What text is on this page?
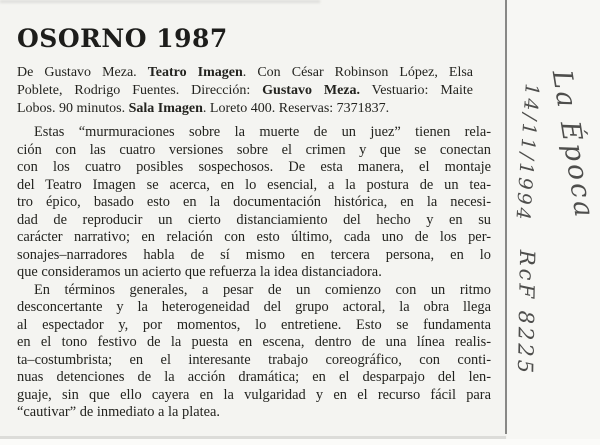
OSORNO 1987
De Gustavo Meza. Teatro Imagen. Con César Robinson López, Elsa
Poblete, Rodrigo Fuentes. Dirección: Gustavo Meza. Vestuario: Maite
Lobos. 90 minutos. Sala Imagen. Loreto 400. Reservas: 7371837.
Estas “murmuraciones sobre la muerte de un juez” tienen rela-
ción con las cuatro versiones sobre el crimen y que se conectan
con los cuatro posibles sospechosos. De esta manera, el montaje
del Teatro Imagen se acerca, en lo esencial, a la postura de un tea-
tro épico, basado esto en la documentación histórica, en la necesi-
dad de reproducir un cierto distanciamiento del hecho y en su
carácter narrativo; en relación con esto último, cada uno de los per-
sonajes–narradores habla de sí mismo en tercera persona, en lo
que consideramos un acierto que refuerza la idea distanciadora.
En términos generales, a pesar de un comienzo con un ritmo
desconcertante y la heterogeneidad del grupo actoral, la obra llega
al espectador y, por momentos, lo entretiene. Esto se fundamenta
en el tono festivo de la puesta en escena, dentro de una línea realis-
ta–costumbrista; en el interesante trabajo coreográfico, con conti-
nuas detenciones de la acción dramática; en el desparpajo del len-
guaje, sin que ello cayera en la vulgaridad y en el recurso fácil para
“cautivar” de inmediato a la platea.
La Época
14/11/1994
RcF 8225
